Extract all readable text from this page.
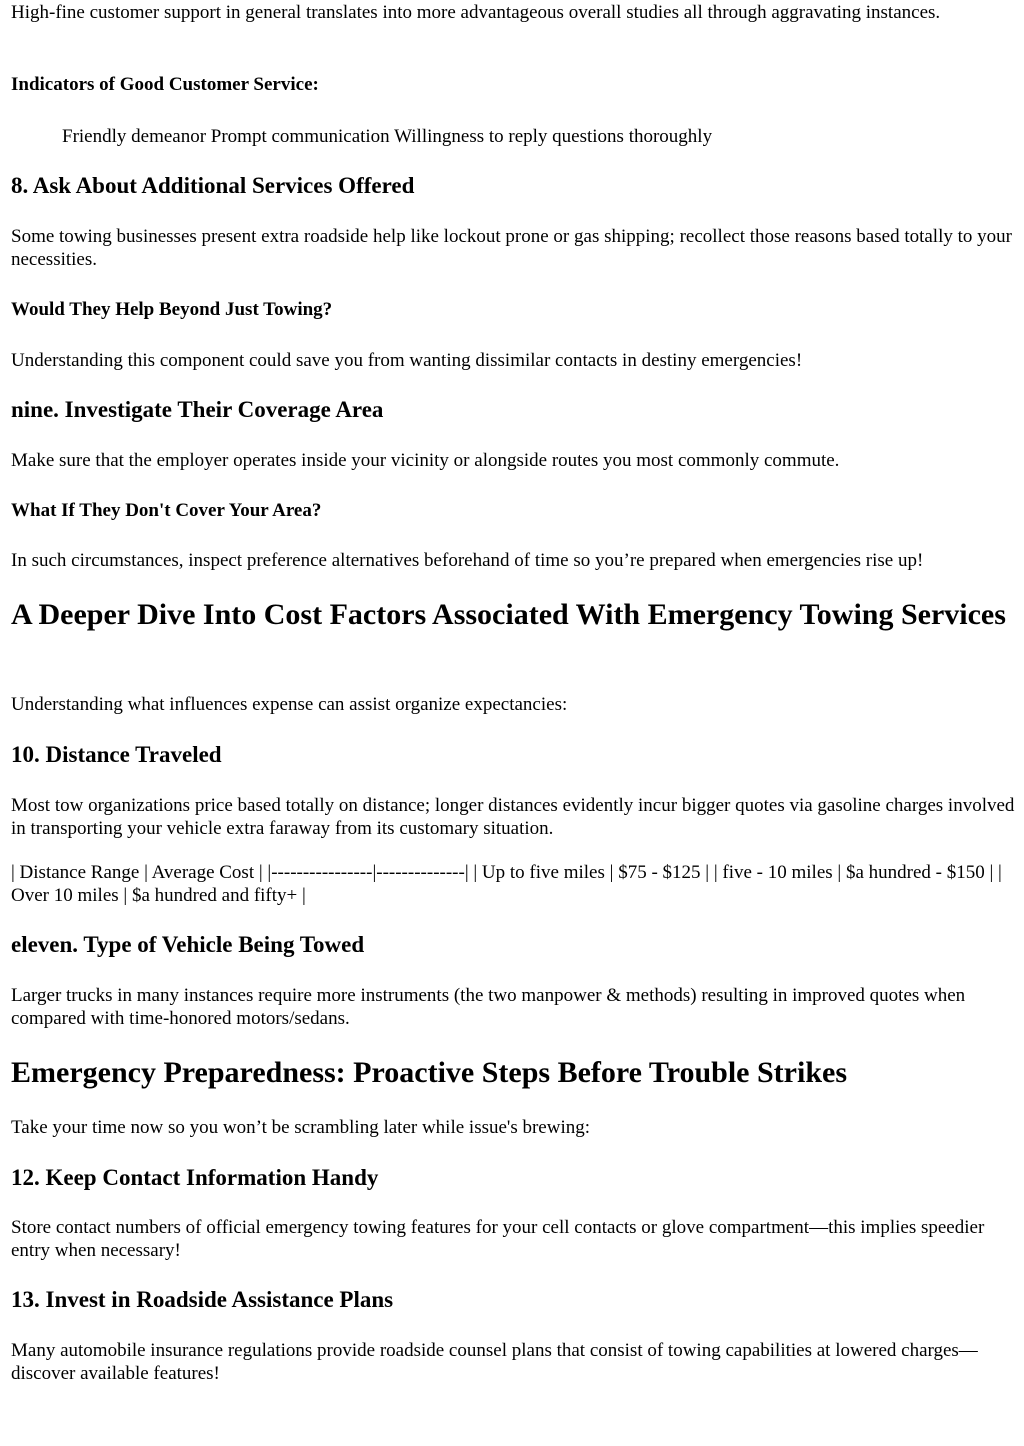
High-fine customer support in general translates into more advantageous overall studies all through aggravating instances.

Indicators of Good Customer Service:

Friendly demeanor Prompt communication Willingness to reply questions thoroughly

8. Ask About Additional Services Offered

Some towing businesses present extra roadside help like lockout prone or gas shipping; recollect those reasons based totally to your necessities.

Would They Help Beyond Just Towing?

Understanding this component could save you from wanting dissimilar contacts in destiny emergencies!

nine. Investigate Their Coverage Area

Make sure that the employer operates inside your vicinity or alongside routes you most commonly commute.

What If They Don't Cover Your Area?

In such circumstances, inspect preference alternatives beforehand of time so you’re prepared when emergencies rise up!

A Deeper Dive Into Cost Factors Associated With Emergency Towing Services

Understanding what influences expense can assist organize expectancies:

10. Distance Traveled

Most tow organizations price based totally on distance; longer distances evidently incur bigger quotes via gasoline charges involved in transporting your vehicle extra faraway from its customary situation.

| Distance Range | Average Cost | |----------------|--------------| | Up to five miles | $75 - $125 | | five - 10 miles | $a hundred - $150 | | Over 10 miles | $a hundred and fifty+ |

eleven. Type of Vehicle Being Towed

Larger trucks in many instances require more instruments (the two manpower & methods) resulting in improved quotes when compared with time-honored motors/sedans.

Emergency Preparedness: Proactive Steps Before Trouble Strikes

Take your time now so you won’t be scrambling later while issue's brewing:

12. Keep Contact Information Handy

Store contact numbers of official emergency towing features for your cell contacts or glove compartment—this implies speedier entry when necessary!

13. Invest in Roadside Assistance Plans

Many automobile insurance regulations provide roadside counsel plans that consist of towing capabilities at lowered charges—discover available features!
